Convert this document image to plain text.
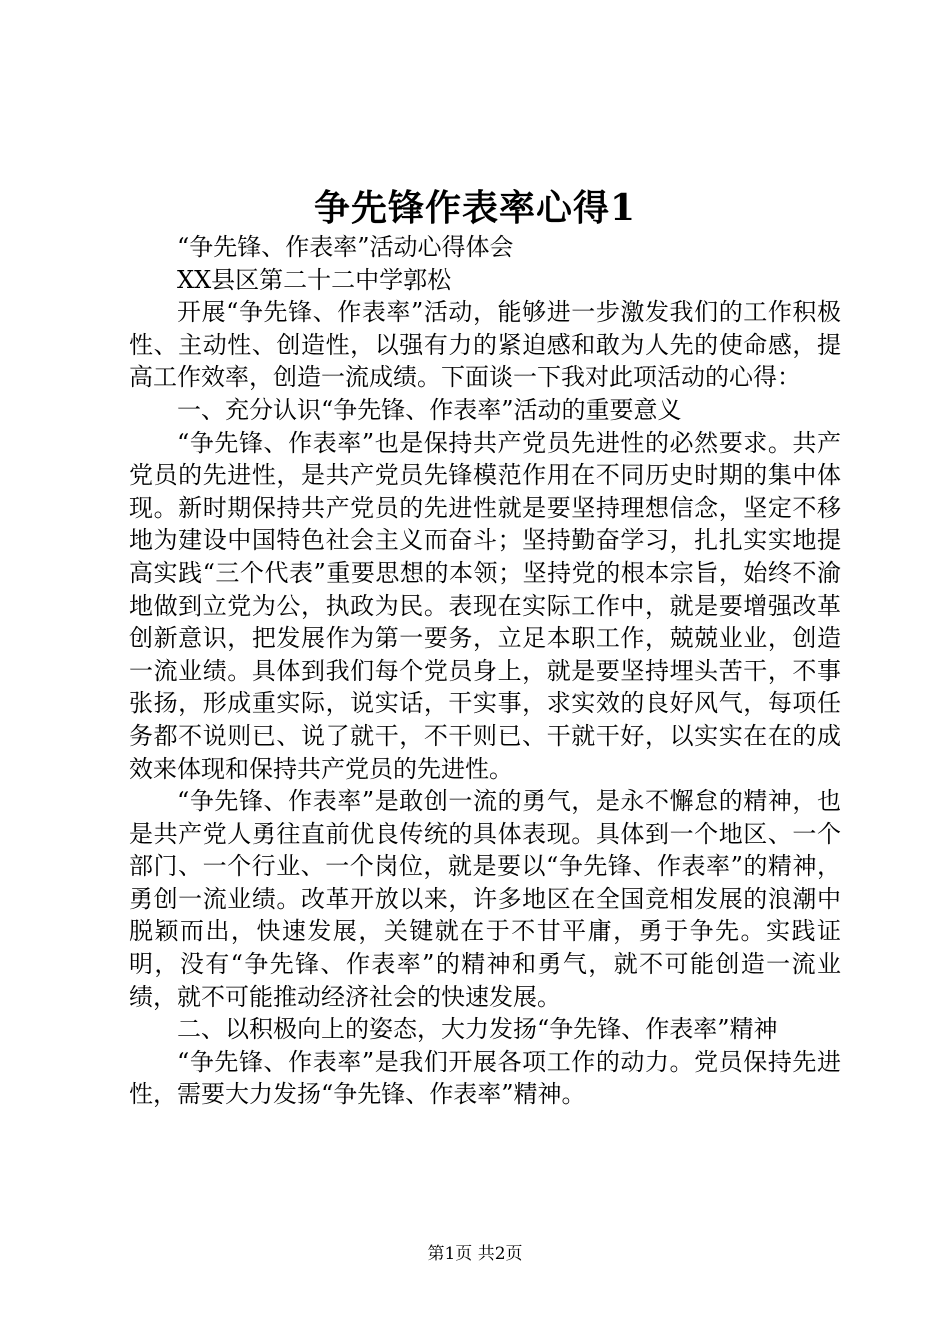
争先锋作表率心得1

“争先锋、作表率”活动心得体会

XX县区第二十二中学郭松

开展“争先锋、作表率”活动，能够进一步激发我们的工作积极性、主动性、创造性，以强有力的紧迫感和敢为人先的使命感，提高工作效率，创造一流成绩。下面谈一下我对此项活动的心得：

一、充分认识“争先锋、作表率”活动的重要意义

“争先锋、作表率”也是保持共产党员先进性的必然要求。共产党员的先进性，是共产党员先锋模范作用在不同历史时期的集中体现。新时期保持共产党员的先进性就是要坚持理想信念，坚定不移地为建设中国特色社会主义而奋斗；坚持勤奋学习，扎扎实实地提高实践“三个代表”重要思想的本领；坚持党的根本宗旨，始终不渝地做到立党为公，执政为民。表现在实际工作中，就是要增强改革创新意识，把发展作为第一要务，立足本职工作，兢兢业业，创造一流业绩。具体到我们每个党员身上，就是要坚持埋头苦干，不事张扬，形成重实际，说实话，干实事，求实效的良好风气，每项任务都不说则已、说了就干，不干则已、干就干好，以实实在在的成效来体现和保持共产党员的先进性。

“争先锋、作表率”是敢创一流的勇气，是永不懈怠的精神，也是共产党人勇往直前优良传统的具体表现。具体到一个地区、一个部门、一个行业、一个岗位，就是要以“争先锋、作表率”的精神，勇创一流业绩。改革开放以来，许多地区在全国竞相发展的浪潮中脱颖而出，快速发展，关键就在于不甘平庸，勇于争先。实践证明，没有“争先锋、作表率”的精神和勇气，就不可能创造一流业绩，就不可能推动经济社会的快速发展。

二、以积极向上的姿态，大力发扬“争先锋、作表率”精神

“争先锋、作表率”是我们开展各项工作的动力。党员保持先进性，需要大力发扬“争先锋、作表率”精神。

第1页 共2页
